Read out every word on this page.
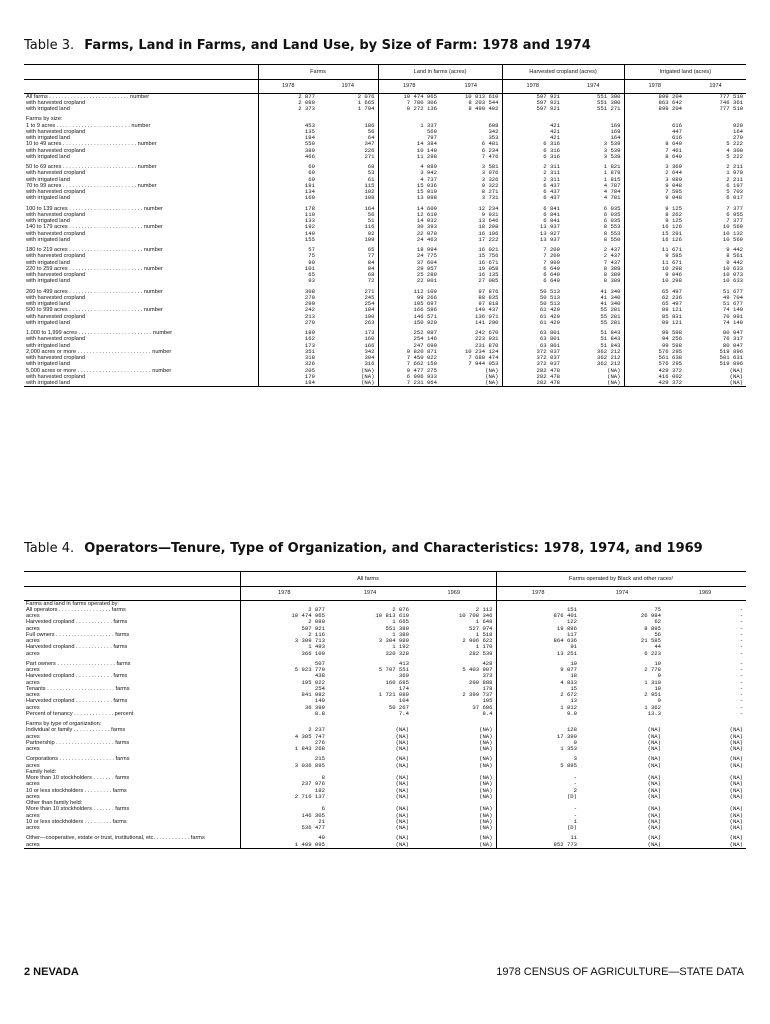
Table 3. Farms, Land in Farms, and Land Use, by Size of Farm: 1978 and 1974
	Farms		Land in farms (acres)		Harvested cropland (acres)		Irrigated land (acres)	
	1978	1974	1978	1974	1978	1974	1978	1974
All farms . . . . . . . . . . . . . . . . . . . . . . . . . . number	2 877	2 076	10 474 965	10 813 610	597 921	551 380	899 204	777 510
with harvested cropland	2 080	1 665	7 780 306	8 203 544	597 921	551 380	863 642	746 361
with irrigated land	2 373	1 794	8 272 136	8 490 402	597 921	551 271	899 204	777 510

Farms by size:								
1 to 9 acres . . . . . . . . . . . . . . . . . . . . . . . . number	453	186	1 337	608	421	169	616	920
with harvested cropland	135	56	569	342	421	169	447	164
with irrigated land	184	64	797	353	421	164	616	279
10 to 49 acres . . . . . . . . . . . . . . . . . . . . . . . . number	550	347	14 384	6 481	6 316	3 539	8 640	5 222
with harvested cropland	389	226	10 140	6 234	6 316	3 539	7 461	4 300
with irrigated land	466	271	11 298	7 476	6 316	3 539	8 640	5 222

50 to 69 acres . . . . . . . . . . . . . . . . . . . . . . . . number	69	68	4 089	3 581	2 311	1 821	3 369	2 211
with harvested cropland	69	53	3 942	3 076	2 311	1 879	2 644	1 970
with irrigated land	69	61	4 737	3 326	2 311	1 815	3 089	2 211
70 to 99 acres . . . . . . . . . . . . . . . . . . . . . . . . number	181	115	15 036	9 322	6 437	4 787	9 048	6 197
with harvested cropland	134	102	15 019	8 271	6 437	4 784	7 595	5 703
with irrigated land	160	108	13 098	3 731	6 437	4 781	9 048	6 017

100 to 139 acres . . . . . . . . . . . . . . . . . . . . . . . . number	178	164	14 609	12 234	6 841	6 035	9 125	7 377
with harvested cropland	110	56	12 619	9 931	6 841	6 035	8 262	6 955
with irrigated land	133	51	14 032	13 646	6 841	6 035	9 125	7 377
140 to 179 acres . . . . . . . . . . . . . . . . . . . . . . . . number	192	116	30 393	18 298	13 937	8 553	16 126	10 569
with harvested cropland	140	92	22 070	16 106	13 927	8 553	15 291	10 132
with irrigated land	155	109	24 463	17 222	13 937	8 550	16 126	10 569

180 to 219 acres . . . . . . . . . . . . . . . . . . . . . . . . number	57	65	18 994	16 021	7 209	2 437	11 671	9 442
with harvested cropland	75	77	24 775	15 756	7 209	2 437	9 585	8 561
with irrigated land	90	84	37 604	16 671	7 909	7 437	11 671	9 442
220 to 259 acres . . . . . . . . . . . . . . . . . . . . . . . . number	101	84	29 957	19 058	6 649	8 389	10 298	10 633
with harvested cropland	65	68	25 289	16 135	6 649	8 389	9 046	10 073
with irrigated land	93	72	22 001	27 085	6 649	8 389	10 298	10 633

260 to 499 acres . . . . . . . . . . . . . . . . . . . . . . . . number	308	271	112 109	97 876	50 513	41 340	65 497	51 677
with harvested cropland	270	245	99 266	88 835	50 513	41 340	62 236	49 704
with irrigated land	290	254	105 697	97 818	50 513	41 340	65 497	51 677
500 to 999 acres . . . . . . . . . . . . . . . . . . . . . . . . number	242	184	166 586	149 437	61 429	55 281	89 121	74 140
with harvested cropland	213	190	146 571	136 071	61 429	55 281	85 831	70 991
with irrigated land	279	263	150 920	141 290	61 429	55 281	89 121	74 140

1,000 to 1,999 acres . . . . . . . . . . . . . . . . . . . . . . . . number	180	173	252 087	242 670	63 801	51 843	99 598	80 047
with harvested cropland	162	160	254 146	223 931	63 801	51 843	94 256	76 317
with irrigated land	173	166	247 699	231 870	63 801	51 843	99 598	80 047
2,000 acres or more . . . . . . . . . . . . . . . . . . . . . . . . number	351	342	9 820 871	10 234 124	372 037	362 212	576 295	519 896
with harvested cropland	318	304	7 450 022	7 680 474	372 037	362 212	561 638	501 631
with irrigated land	326	316	7 662 150	7 944 053	372 037	362 212	576 295	519 896
5,000 acres or more . . . . . . . . . . . . . . . . . . . . . . . . number	205	(NA)	9 477 275	(NA)	282 478	(NA)	429 372	(NA)
with harvested cropland	179	(NA)	6 996 933	(NA)	282 478	(NA)	416 002	(NA)
with irrigated land	184	(NA)	7 231 064	(NA)	282 478	(NA)	429 372	(NA)
Table 4. Operators—Tenure, Type of Organization, and Characteristics: 1978, 1974, and 1969
	All farms			Farms operated by Black and other races¹		
	1978	1974	1969	1978	1974	1969
Farms and land in farms operated by:						
All operators . . . . . . . . . . . . . . . . . farms	2 877	2 076	2 112	151	75	-
acres	10 474 965	10 813 610	10 708 346	876 401	26 984	-
Harvested cropland . . . . . . . . . . . . farms	2 080	1 665	1 648	122	62	-
acres	597 921	551 380	527 074	19 896	8 895	-
Full owners . . . . . . . . . . . . . . . . . . . farms	2 116	1 389	1 518	117	56	-
acres	3 309 713	3 384 980	2 906 622	864 636	21 585	-
Harvested cropland . . . . . . . . . . . . farms	1 493	1 192	1 170	91	44	-
acres	366 100	320 328	282 539	13 251	6 223	-

Part owners . . . . . . . . . . . . . . . . . . . farms	507	413	428	19	10	-
acres	5 923 770	5 707 551	5 403 907	9 077	2 778	-
Harvested cropland . . . . . . . . . . . . farms	438	369	373	18	9	-
acres	195 022	160 685	200 888	4 833	1 310	-
Tenants . . . . . . . . . . . . . . . . . . . . . . farms	254	174	178	15	10	-
acres	841 982	1 721 089	2 399 737	2 672	2 951	-
Harvested cropland . . . . . . . . . . . . farms	149	104	105	13	9	-
acres	36 399	50 267	37 606	1 812	1 362	-
Percent of tenancy . . . . . . . . . . . . . percent	8.8	7.4	8.4	9.9	13.3	-

Farms by type of organization:						
Individual or family . . . . . . . . . . . . farms	2 237	(NA)	(NA)	128	(NA)	(NA)
acres	4 385 747	(NA)	(NA)	17 399	(NA)	(NA)
Partnership . . . . . . . . . . . . . . . . . . . farms	276	(NA)	(NA)	9	(NA)	(NA)
acres	1 843 268	(NA)	(NA)	1 353	(NA)	(NA)

Corporations . . . . . . . . . . . . . . . . . . farms	215	(NA)	(NA)	3	(NA)	(NA)
acres	3 036 895	(NA)	(NA)	5 895	(NA)	(NA)
Family held:						
More than 10 stockholders . . . . . . . farms	8	(NA)	(NA)	-	(NA)	(NA)
acres	237 976	(NA)	(NA)	-	(NA)	(NA)
10 or less stockholders . . . . . . . . . farms	182	(NA)	(NA)	2	(NA)	(NA)
acres	2 716 137	(NA)	(NA)	(D)	(NA)	(NA)
Other than family held:						
More than 10 stockholders . . . . . . . farms	6	(NA)	(NA)	-	(NA)	(NA)
acres	146 305	(NA)	(NA)	-	(NA)	(NA)
10 or less stockholders . . . . . . . . . farms	21	(NA)	(NA)	1	(NA)	(NA)
acres	536 477	(NA)	(NA)	(D)	(NA)	(NA)

Other—cooperative, estate or trust, institutional, etc. . . . . . . . . . . . farms	49	(NA)	(NA)	11	(NA)	(NA)
acres	1 409 095	(NA)	(NA)	852 773	(NA)	(NA)
2 NEVADA	1978 CENSUS OF AGRICULTURE—STATE DATA
